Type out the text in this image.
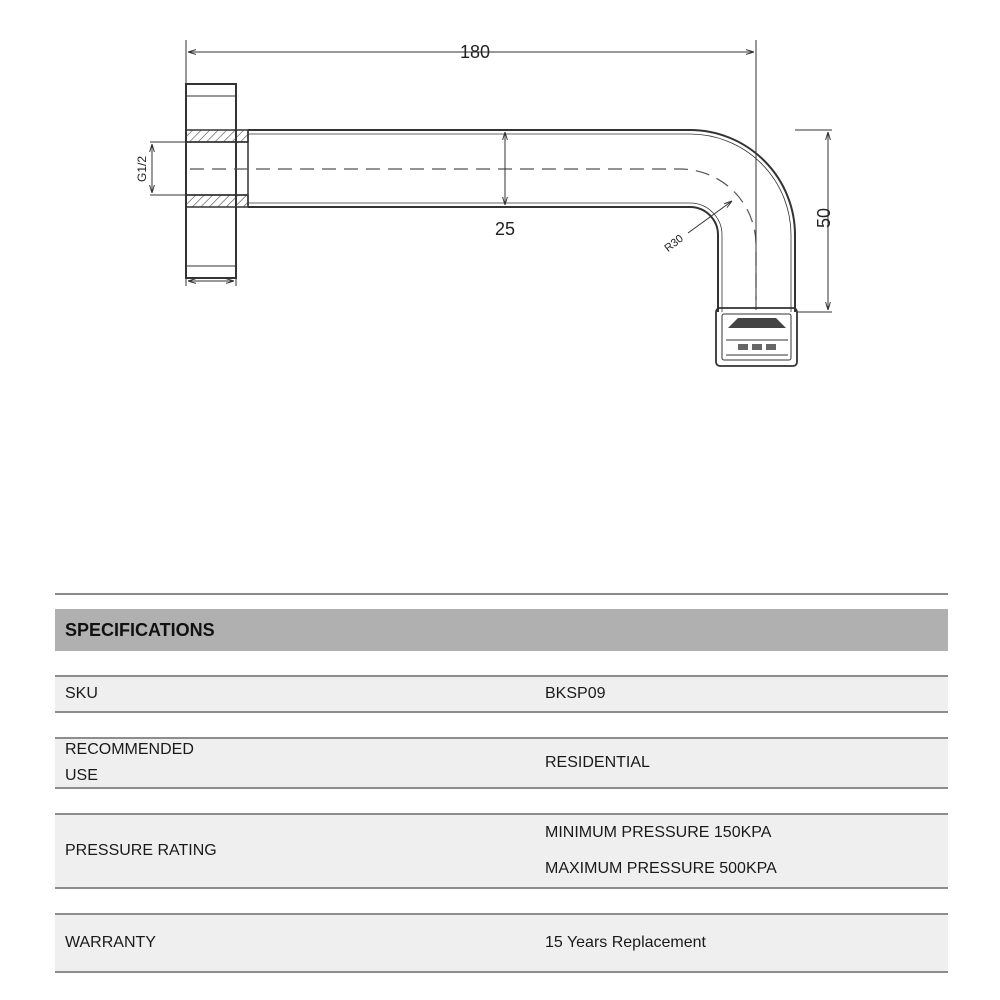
180
50
25
G1/2
R30
SPECIFICATIONS
SKU	BKSP09
RECOMMENDED
USE
RESIDENTIAL
PRESSURE RATING
MINIMUM PRESSURE 150KPA
MAXIMUM PRESSURE 500KPA
WARRANTY	15 Years Replacement
